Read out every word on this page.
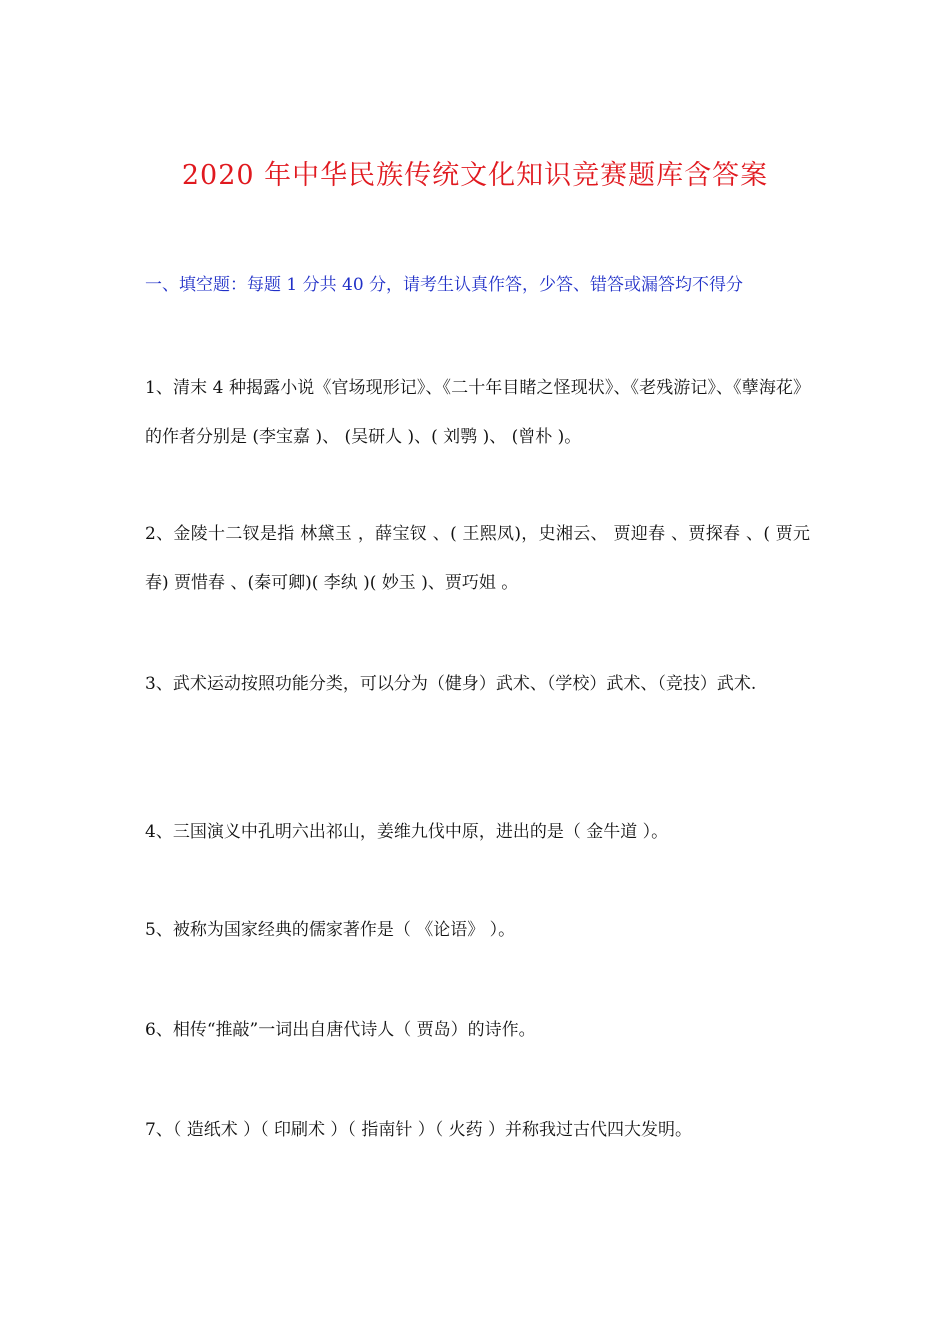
2020 年中华民族传统文化知识竞赛题库含答案
一、填空题：每题 1 分共 40 分，请考生认真作答，少答、错答或漏答均不得分
1、清末 4 种揭露小说《官场现形记》、《二十年目睹之怪现状》、《老残游记》、《孽海花》的作者分别是 (李宝嘉 )、 (吴研人 )、( 刘鹗 )、 (曾朴 )。
2、金陵十二钗是指 林黛玉 ，薛宝钗 、( 王熙凤)，史湘云、 贾迎春 、贾探春 、( 贾元春) 贾惜春 、(秦可卿)( 李纨 )( 妙玉 )、贾巧姐 。
3、武术运动按照功能分类，可以分为（健身）武术、（学校）武术、（竞技）武术.
4、三国演义中孔明六出祁山，姜维九伐中原，进出的是（ 金牛道 ）。
5、被称为国家经典的儒家著作是（ 《论语》 ）。
6、相传“推敲”一词出自唐代诗人（ 贾岛）的诗作。
7、（ 造纸术 ）（ 印刷术 ）（ 指南针 ）（ 火药 ）并称我过古代四大发明。
